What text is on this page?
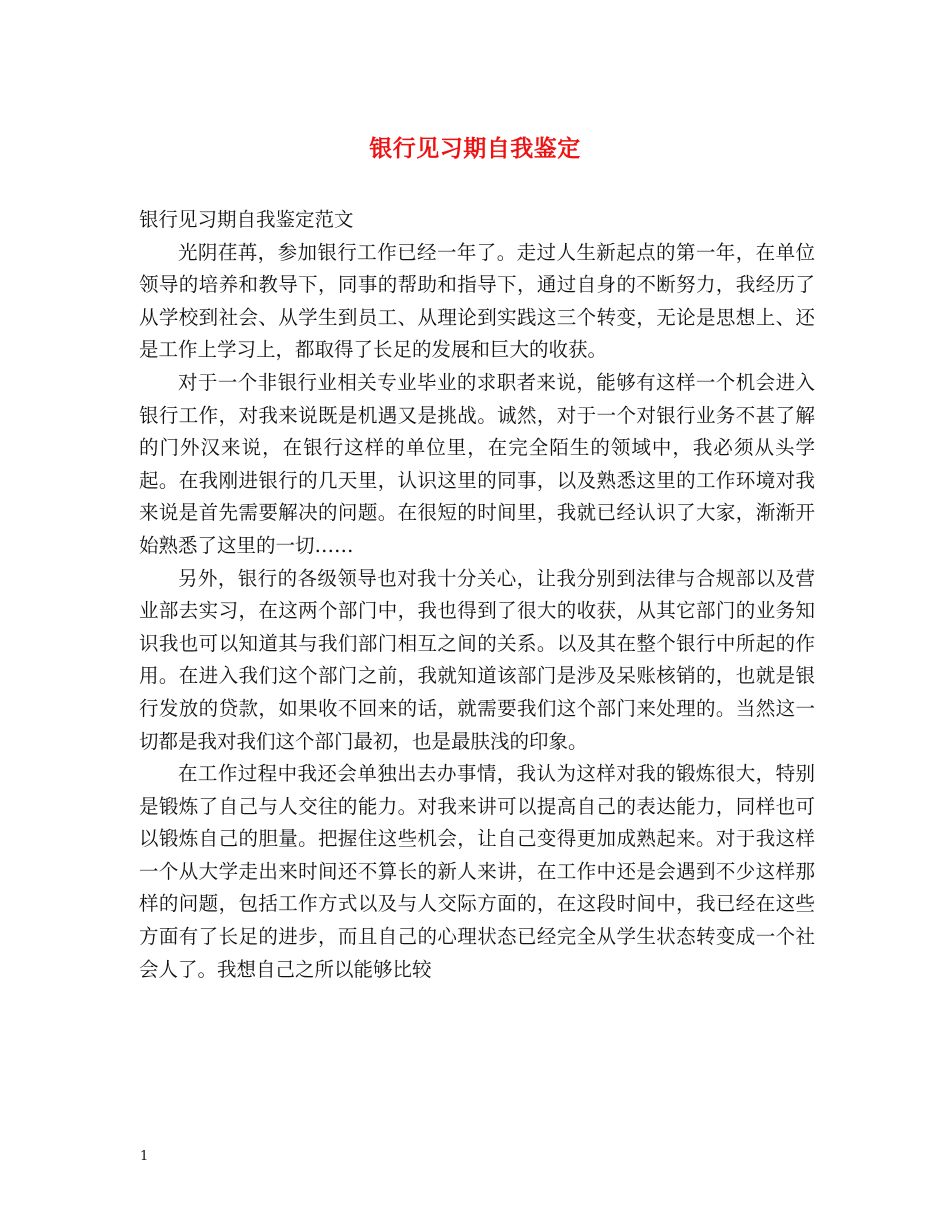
银行见习期自我鉴定

银行见习期自我鉴定范文

光阴荏苒，参加银行工作已经一年了。走过人生新起点的第一年，在单位领导的培养和教导下，同事的帮助和指导下，通过自身的不断努力，我经历了从学校到社会、从学生到员工、从理论到实践这三个转变，无论是思想上、还是工作上学习上，都取得了长足的发展和巨大的收获。

对于一个非银行业相关专业毕业的求职者来说，能够有这样一个机会进入银行工作，对我来说既是机遇又是挑战。诚然，对于一个对银行业务不甚了解的门外汉来说，在银行这样的单位里，在完全陌生的领域中，我必须从头学起。在我刚进银行的几天里，认识这里的同事，以及熟悉这里的工作环境对我来说是首先需要解决的问题。在很短的时间里，我就已经认识了大家，渐渐开始熟悉了这里的一切……

另外，银行的各级领导也对我十分关心，让我分别到法律与合规部以及营业部去实习，在这两个部门中，我也得到了很大的收获，从其它部门的业务知识我也可以知道其与我们部门相互之间的关系。以及其在整个银行中所起的作用。在进入我们这个部门之前，我就知道该部门是涉及呆账核销的，也就是银行发放的贷款，如果收不回来的话，就需要我们这个部门来处理的。当然这一切都是我对我们这个部门最初，也是最肤浅的印象。

在工作过程中我还会单独出去办事情，我认为这样对我的锻炼很大，特别是锻炼了自己与人交往的能力。对我来讲可以提高自己的表达能力，同样也可以锻炼自己的胆量。把握住这些机会，让自己变得更加成熟起来。对于我这样一个从大学走出来时间还不算长的新人来讲，在工作中还是会遇到不少这样那样的问题，包括工作方式以及与人交际方面的，在这段时间中，我已经在这些方面有了长足的进步，而且自己的心理状态已经完全从学生状态转变成一个社会人了。我想自己之所以能够比较

1
